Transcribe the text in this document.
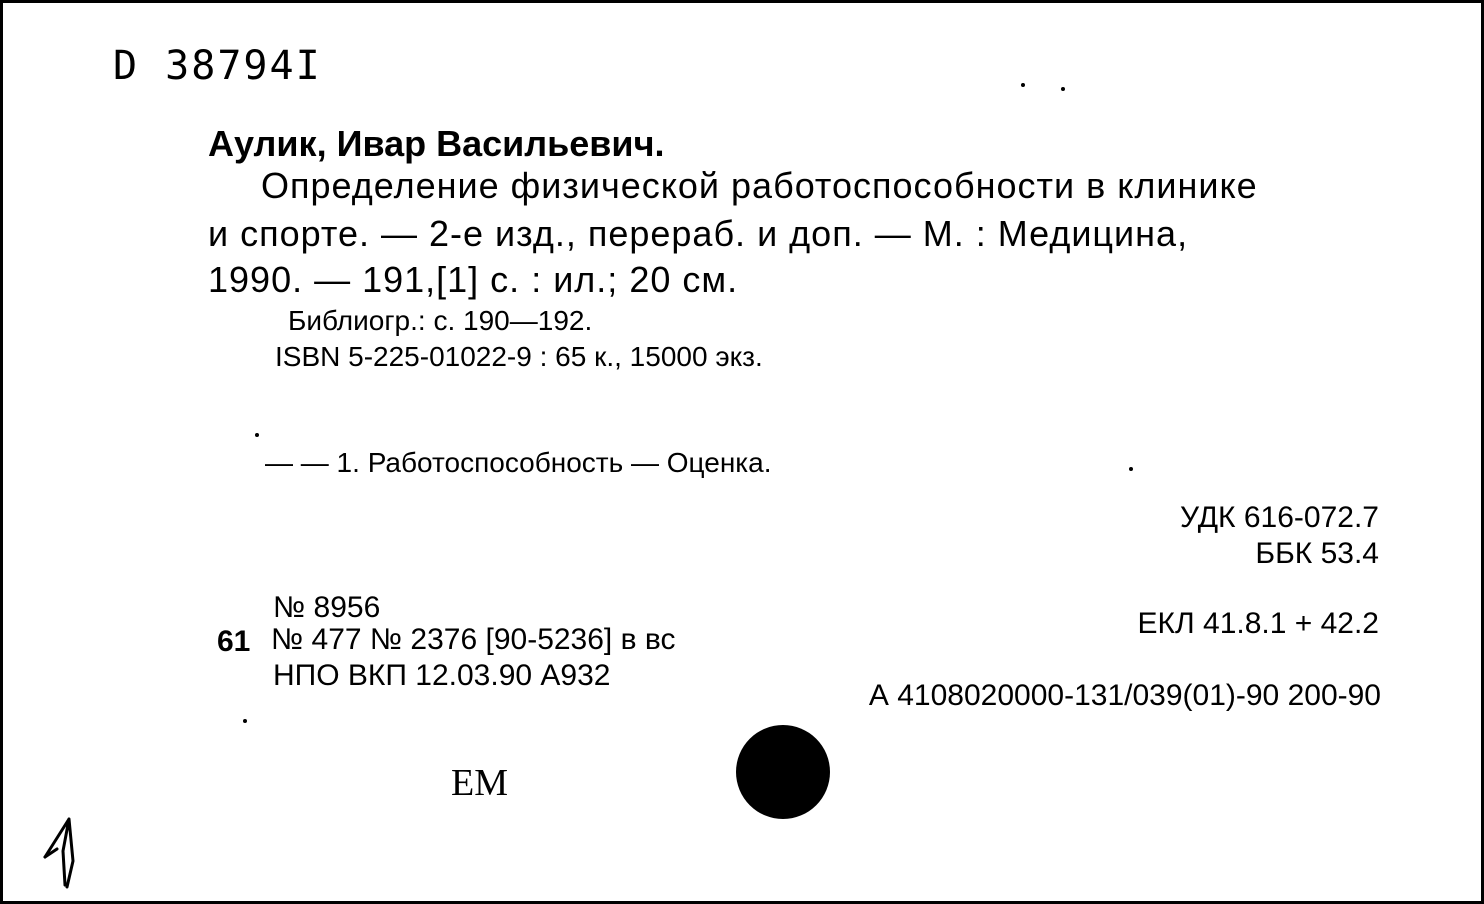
D 38794I
Аулик, Ивар Васильевич.
Определение физической работоспособности в клинике
и спорте. — 2-е изд., перераб. и доп. — М. : Медицина,
1990. — 191,[1] с. : ил.; 20 см.
Библиогр.: с. 190—192.
ISBN 5-225-01022-9 : 65 к., 15000 экз.
— — 1. Работоспособность — Оценка.
УДК 616-072.7
ББК 53.4
№ 8956	ЕКЛ 41.8.1 + 42.2
61 № 477 № 2376 [90-5236] в вс
НПО ВКП 12.03.90 А932
А 4108020000-131/039(01)-90 200-90
ЕМ
